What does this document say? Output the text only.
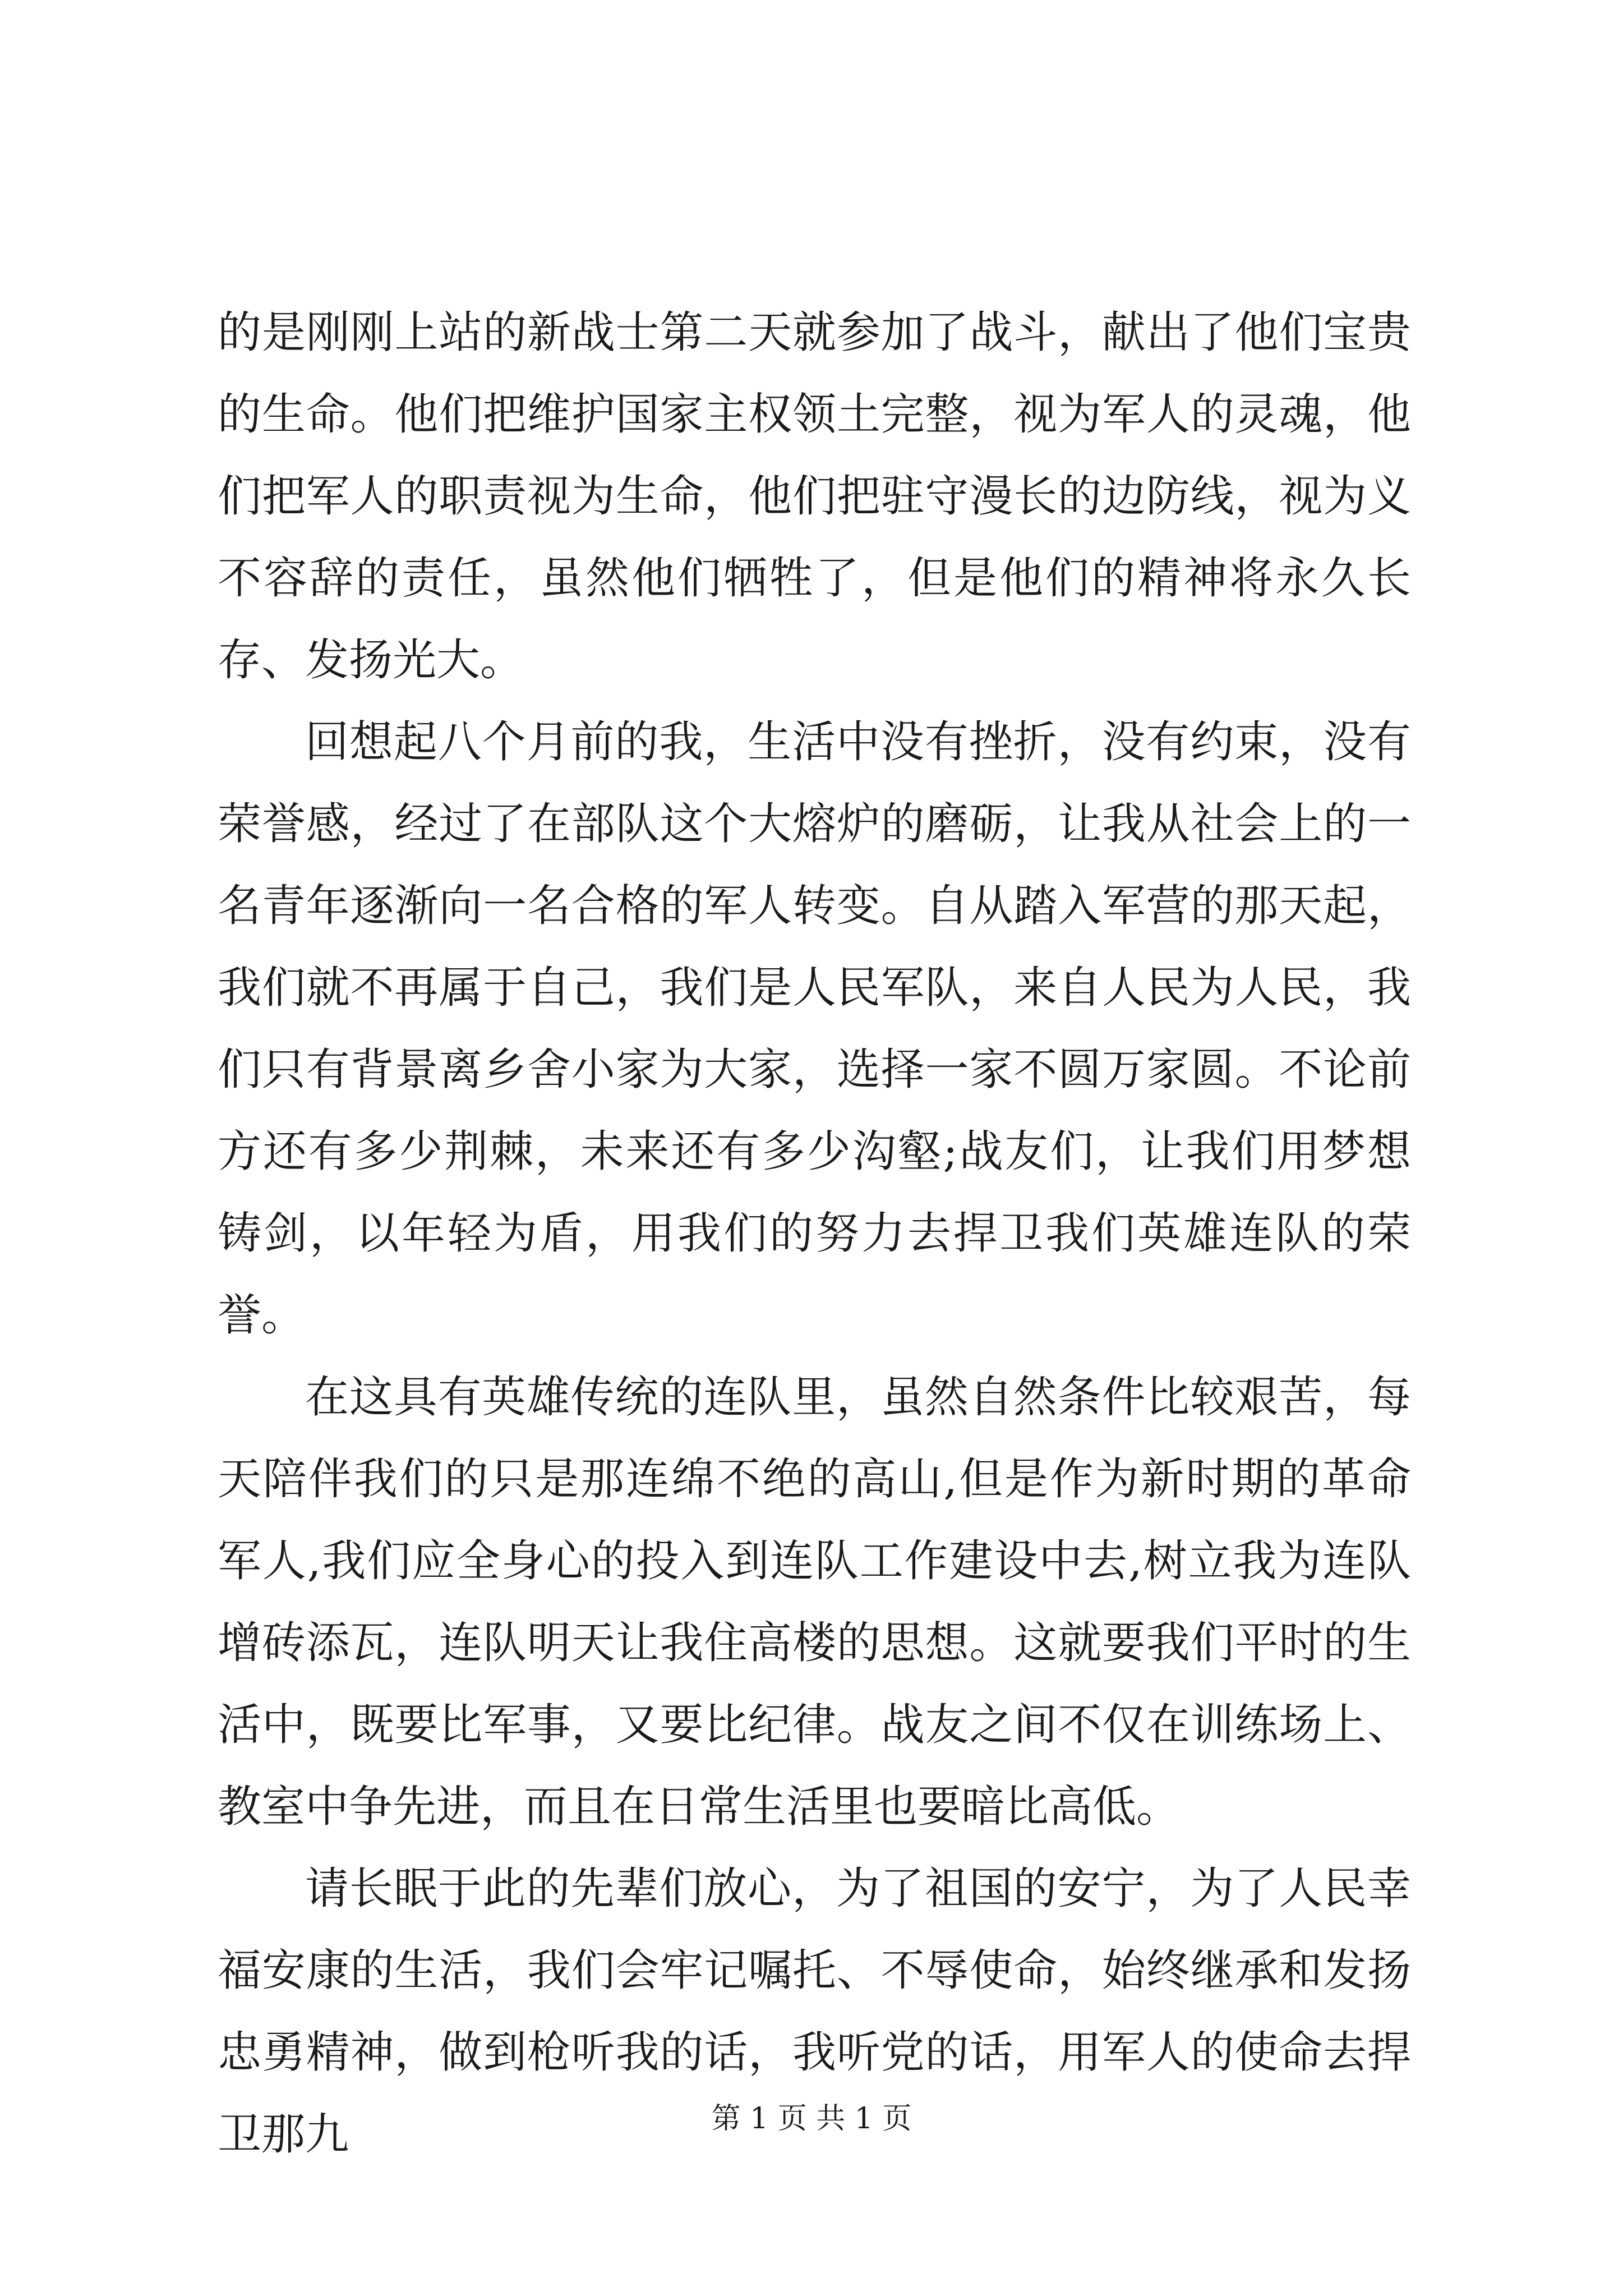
的是刚刚上站的新战士第二天就参加了战斗，献出了他们宝贵的生命。他们把维护国家主权领土完整，视为军人的灵魂，他们把军人的职责视为生命，他们把驻守漫长的边防线，视为义不容辞的责任，虽然他们牺牲了，但是他们的精神将永久长存、发扬光大。

回想起八个月前的我，生活中没有挫折，没有约束，没有荣誉感，经过了在部队这个大熔炉的磨砺，让我从社会上的一名青年逐渐向一名合格的军人转变。自从踏入军营的那天起，我们就不再属于自己，我们是人民军队，来自人民为人民，我们只有背景离乡舍小家为大家，选择一家不圆万家圆。不论前方还有多少荆棘，未来还有多少沟壑;战友们，让我们用梦想铸剑，以年轻为盾，用我们的努力去捍卫我们英雄连队的荣誉。

在这具有英雄传统的连队里，虽然自然条件比较艰苦，每天陪伴我们的只是那连绵不绝的高山,但是作为新时期的革命军人,我们应全身心的投入到连队工作建设中去,树立我为连队增砖添瓦，连队明天让我住高楼的思想。这就要我们平时的生活中，既要比军事，又要比纪律。战友之间不仅在训练场上、教室中争先进，而且在日常生活里也要暗比高低。

请长眠于此的先辈们放心，为了祖国的安宁，为了人民幸福安康的生活，我们会牢记嘱托、不辱使命，始终继承和发扬忠勇精神，做到枪听我的话，我听党的话，用军人的使命去捍卫那九	第 1 页 共 1 页
